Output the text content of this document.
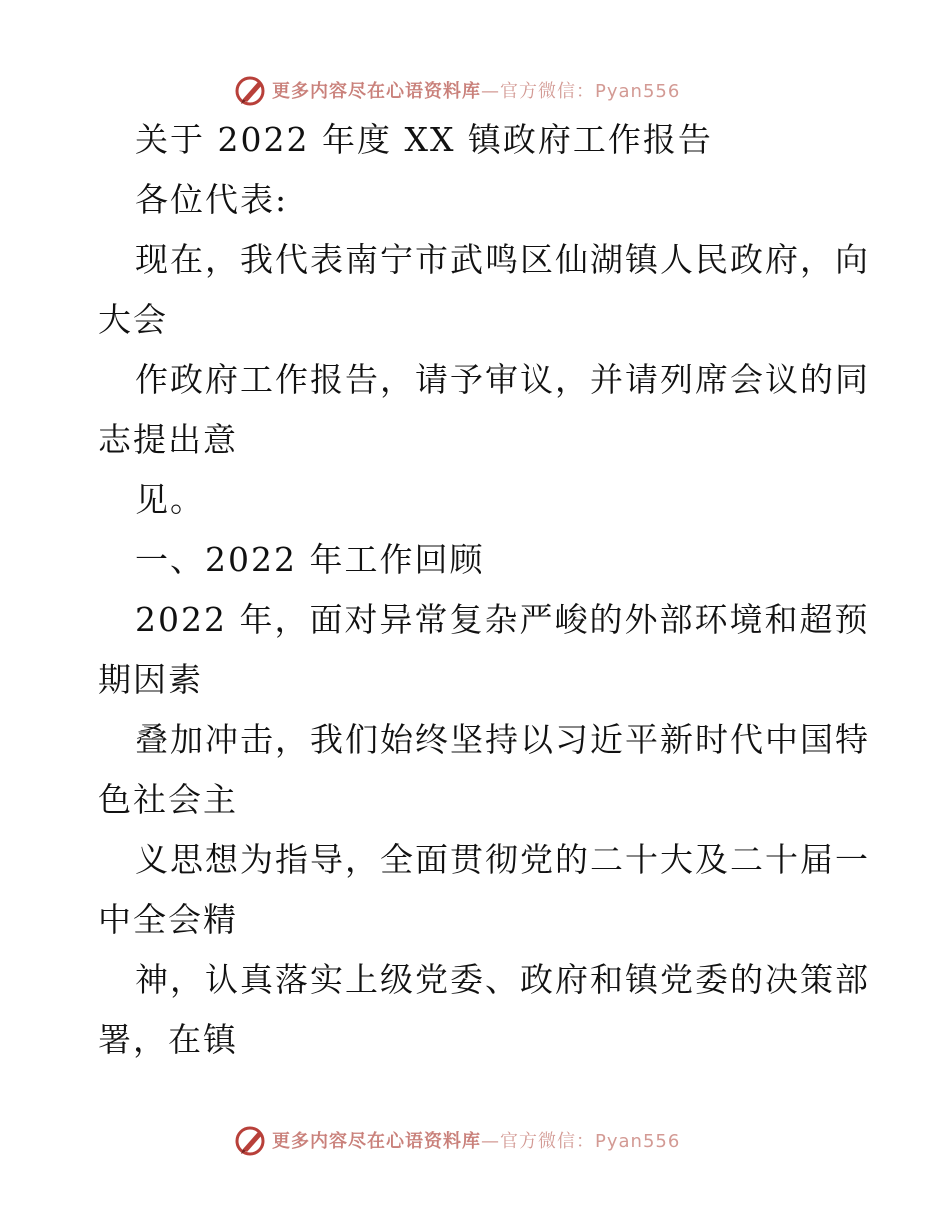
更多内容尽在心语资料库 —官方微信：Pyan556
关于 2022 年度 XX 镇政府工作报告
各位代表:
现在，我代表南宁市武鸣区仙湖镇人民政府，向
大会
作政府工作报告，请予审议，并请列席会议的同
志提出意
见。
一、2022 年工作回顾
2022 年，面对异常复杂严峻的外部环境和超预
期因素
叠加冲击，我们始终坚持以习近平新时代中国特
色社会主
义思想为指导，全面贯彻党的二十大及二十届一
中全会精
神，认真落实上级党委、政府和镇党委的决策部
署，在镇
更多内容尽在心语资料库 —官方微信：Pyan556
